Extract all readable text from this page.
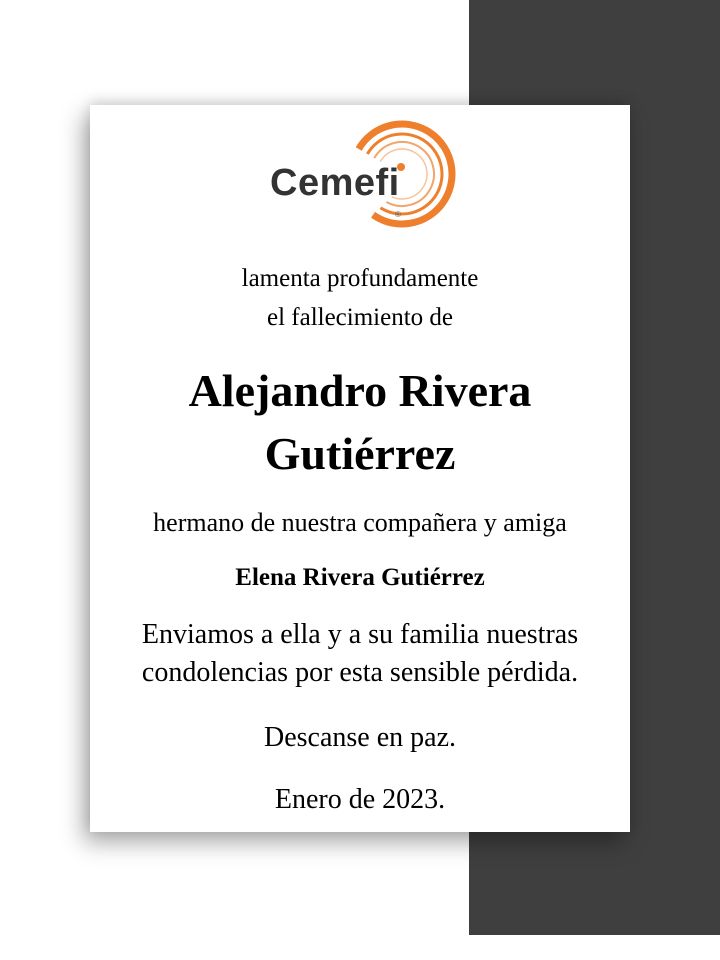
Cemefi
®

lamenta profundamente

el fallecimiento de

Alejandro Rivera

Gutiérrez

hermano de nuestra compañera y amiga

Elena Rivera Gutiérrez

Enviamos a ella y a su familia nuestras

condolencias por esta sensible pérdida.

Descanse en paz.

Enero de 2023.
